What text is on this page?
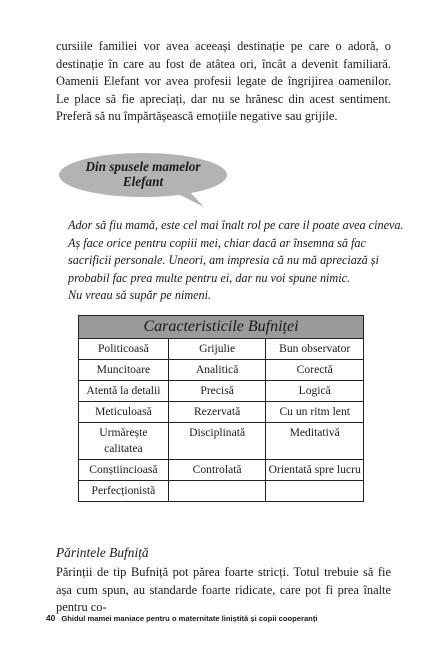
cursiile familiei vor avea aceeași destinație pe care o adoră, o destinație în care au fost de atâtea ori, încât a devenit familiară. Oamenii Elefant vor avea profesii legate de îngrijirea oamenilor. Le place să fie apreciați, dar nu se hrănesc din acest sentiment. Preferă să nu împărtășească emoțiile negative sau grijile.

Din spusele mamelor
Elefant
Ador să fiu mamă, este cel mai înalt rol pe care il poate avea cineva.
Aș face orice pentru copiii mei, chiar dacă ar însemna să fac
sacrificii personale. Uneori, am impresia că nu mă apreciază și
probabil fac prea multe pentru ei, dar nu voi spune nimic.
Nu vreau să supăr pe nimeni.
Caracteristicile Bufniței		
Politicoasă	Grijulie	Bun observator
Muncitoare	Analitică	Corectă
Atentă la detalii	Precisă	Logică
Meticuloasă	Rezervată	Cu un ritm lent
Urmărește calitatea	Disciplinată	Meditativă
Conștiincioasă	Controlată	Orientată spre lucru
Perfecționistă		

Părintele Bufniță

Părinții de tip Bufniță pot părea foarte stricți. Totul trebuie să fie așa cum spun, au standarde foarte ridicate, care pot fi prea înalte pentru co-

40 Ghidul mamei maniace pentru o maternitate liniștită și copii cooperanți
